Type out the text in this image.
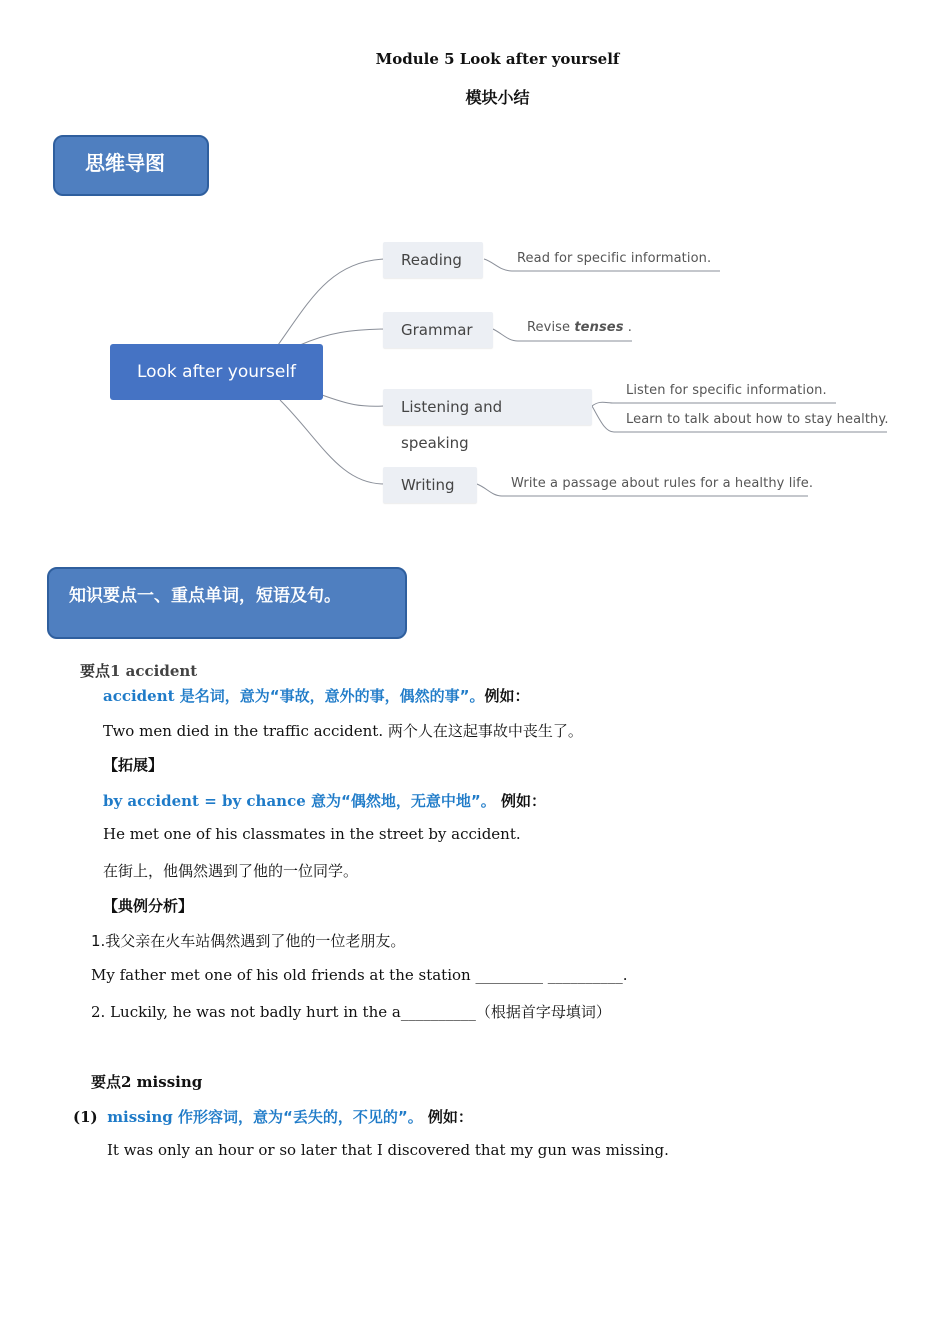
Module 5 Look after yourself
模块小结
思维导图
Look after yourself
Reading
Grammar
Listening and speaking
Writing
Read for specific information.
Revise tenses .
Listen for specific information.
Learn to talk about how to stay healthy.
Write a passage about rules for a healthy life.
知识要点一、重点单词，短语及句。
要点1 accident
accident 是名词，意为“事故，意外的事，偶然的事”。例如：
Two men died in the traffic accident. 两个人在这起事故中丧生了。
【拓展】
by accident = by chance 意为“偶然地，无意中地”。 例如：
He met one of his classmates in the street by accident.
在街上，他偶然遇到了他的一位同学。
【典例分析】
1.我父亲在火车站偶然遇到了他的一位老朋友。
My father met one of his old friends at the station _________ __________.
2. Luckily, he was not badly hurt in the a__________（根据首字母填词）
要点2 missing
(1) missing 作形容词，意为“丢失的，不见的”。 例如：
It was only an hour or so later that I discovered that my gun was missing.
